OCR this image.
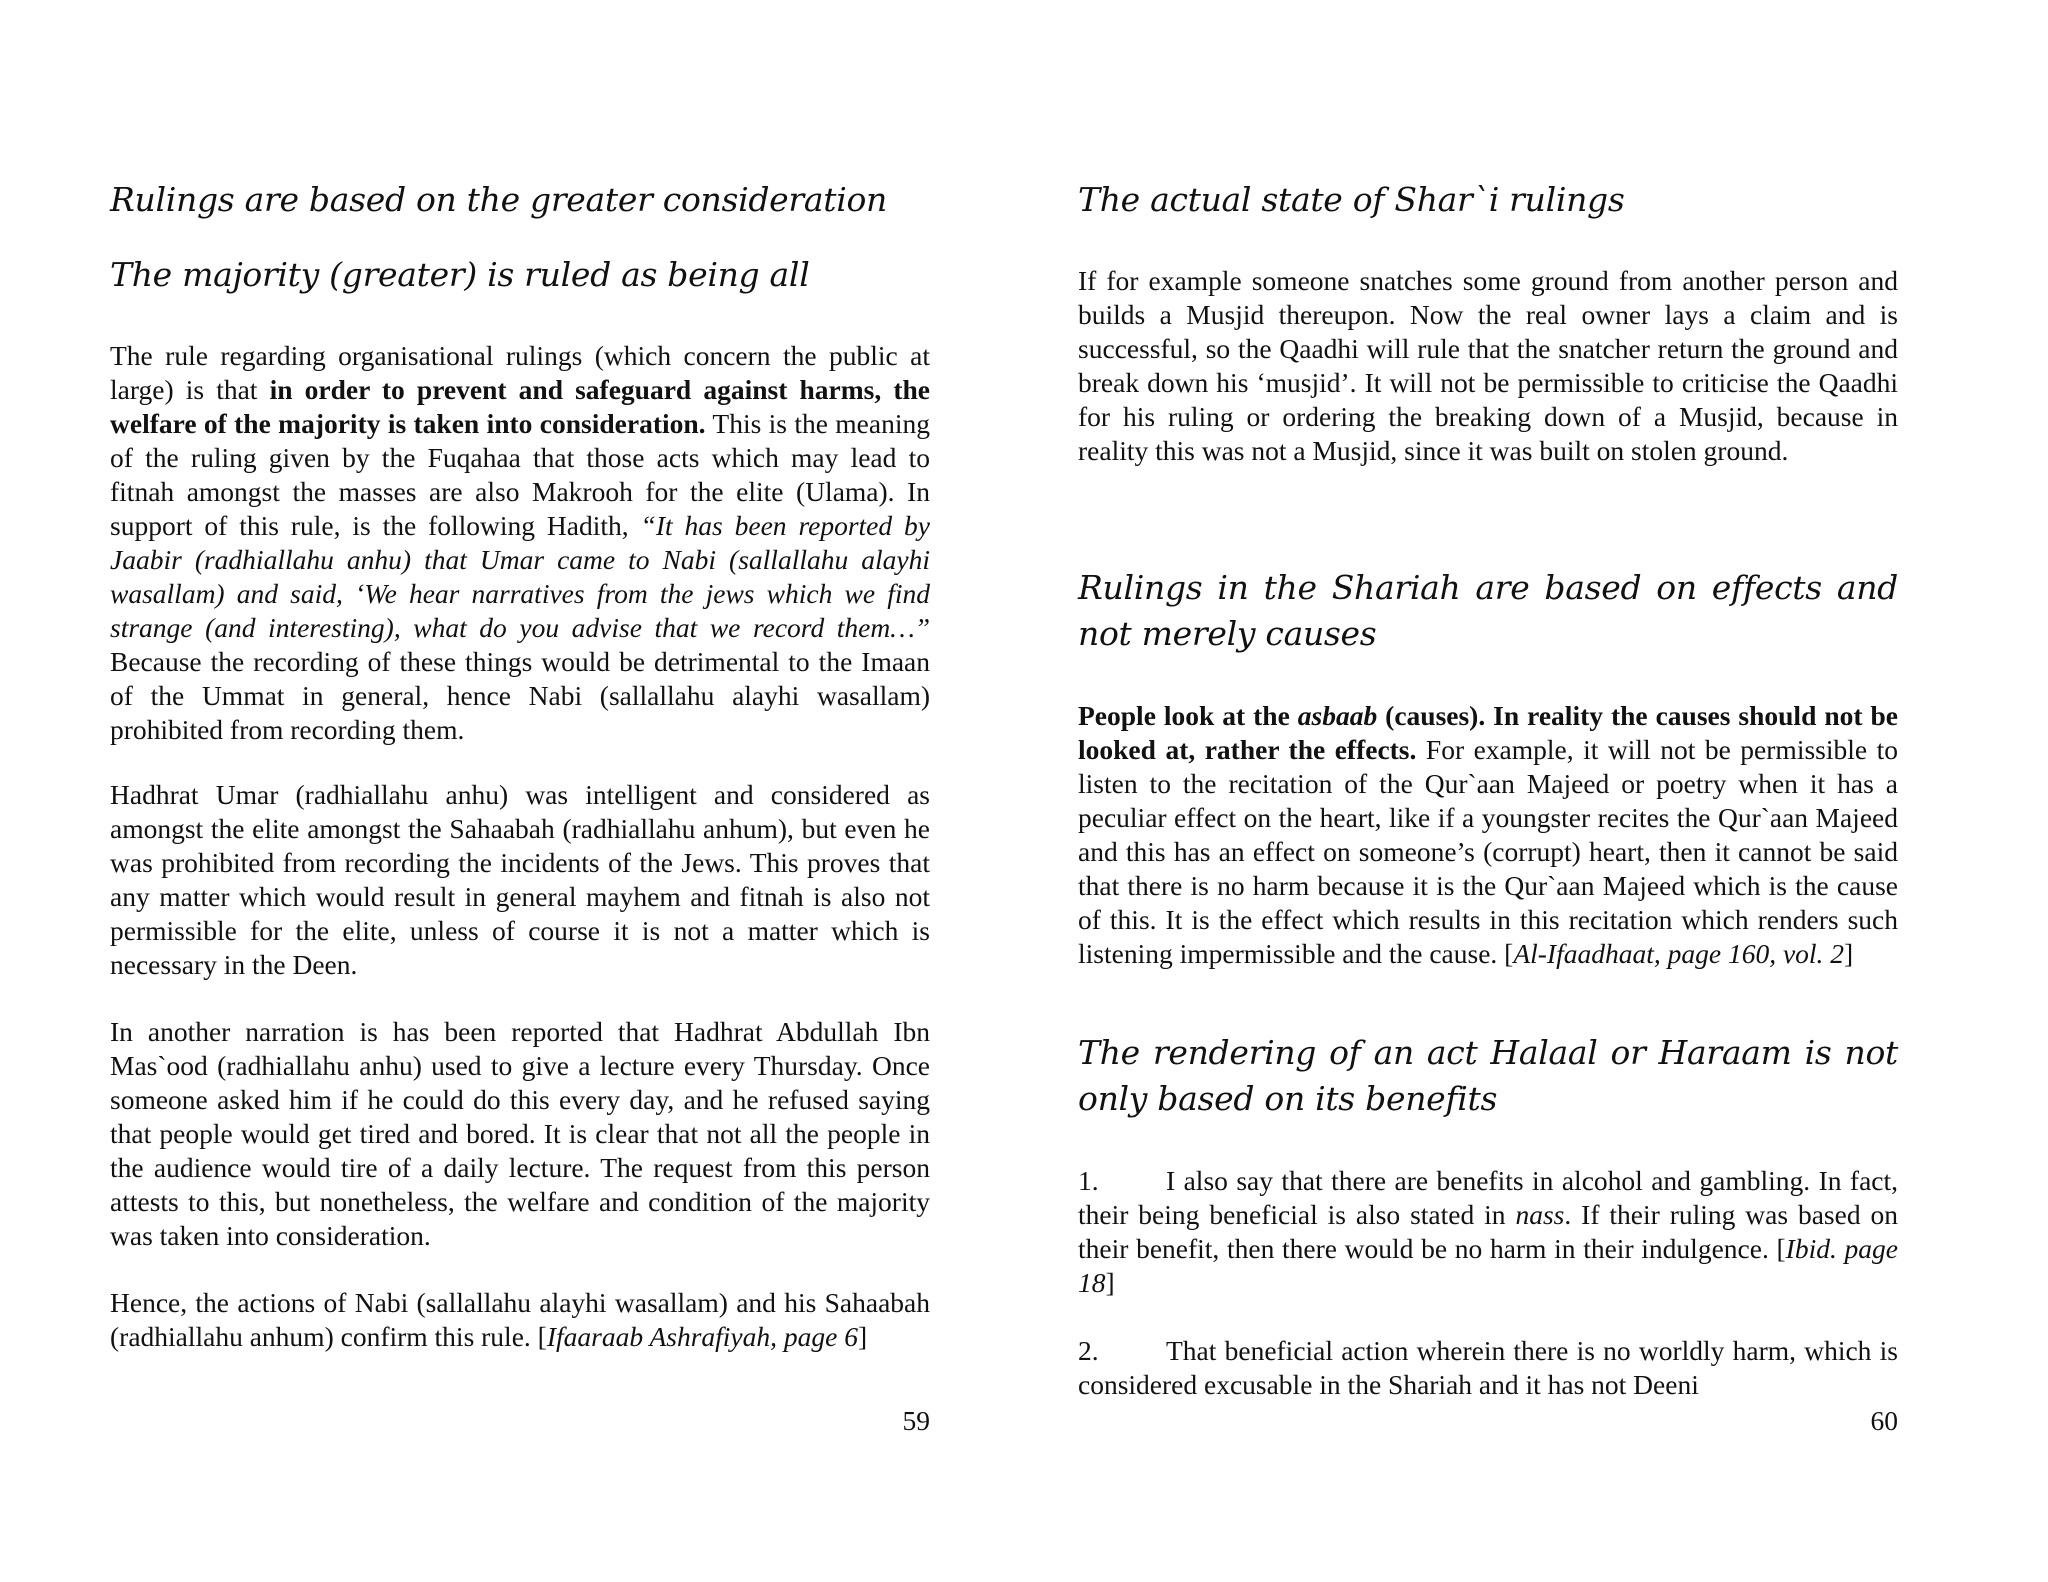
Rulings are based on the greater consideration
The majority (greater) is ruled as being all

The rule regarding organisational rulings (which concern the public at large) is that in order to prevent and safeguard against harms, the welfare of the majority is taken into consideration. This is the meaning of the ruling given by the Fuqahaa that those acts which may lead to fitnah amongst the masses are also Makrooh for the elite (Ulama). In support of this rule, is the following Hadith, “It has been reported by Jaabir (radhiallahu anhu) that Umar came to Nabi (sallallahu alayhi wasallam) and said, ‘We hear narratives from the jews which we find strange (and interesting), what do you advise that we record them…” Because the recording of these things would be detrimental to the Imaan of the Ummat in general, hence Nabi (sallallahu alayhi wasallam) prohibited from recording them.

Hadhrat Umar (radhiallahu anhu) was intelligent and considered as amongst the elite amongst the Sahaabah (radhiallahu anhum), but even he was prohibited from recording the incidents of the Jews. This proves that any matter which would result in general mayhem and fitnah is also not permissible for the elite, unless of course it is not a matter which is necessary in the Deen.

In another narration is has been reported that Hadhrat Abdullah Ibn Mas`ood (radhiallahu anhu) used to give a lecture every Thursday. Once someone asked him if he could do this every day, and he refused saying that people would get tired and bored. It is clear that not all the people in the audience would tire of a daily lecture. The request from this person attests to this, but nonetheless, the welfare and condition of the majority was taken into consideration.

Hence, the actions of Nabi (sallallahu alayhi wasallam) and his Sahaabah (radhiallahu anhum) confirm this rule. [Ifaaraab Ashrafiyah, page 6]

59
The actual state of Shar`i rulings

If for example someone snatches some ground from another person and builds a Musjid thereupon. Now the real owner lays a claim and is successful, so the Qaadhi will rule that the snatcher return the ground and break down his ‘musjid’. It will not be permissible to criticise the Qaadhi for his ruling or ordering the breaking down of a Musjid, because in reality this was not a Musjid, since it was built on stolen ground.

Rulings in the Shariah are based on effects and not merely causes

People look at the asbaab (causes). In reality the causes should not be looked at, rather the effects. For example, it will not be permissible to listen to the recitation of the Qur`aan Majeed or poetry when it has a peculiar effect on the heart, like if a youngster recites the Qur`aan Majeed and this has an effect on someone’s (corrupt) heart, then it cannot be said that there is no harm because it is the Qur`aan Majeed which is the cause of this. It is the effect which results in this recitation which renders such listening impermissible and the cause. [Al-Ifaadhaat, page 160, vol. 2]

The rendering of an act Halaal or Haraam is not only based on its benefits

1. I also say that there are benefits in alcohol and gambling. In fact, their being beneficial is also stated in nass. If their ruling was based on their benefit, then there would be no harm in their indulgence. [Ibid. page 18]

2. That beneficial action wherein there is no worldly harm, which is considered excusable in the Shariah and it has not Deeni

60
